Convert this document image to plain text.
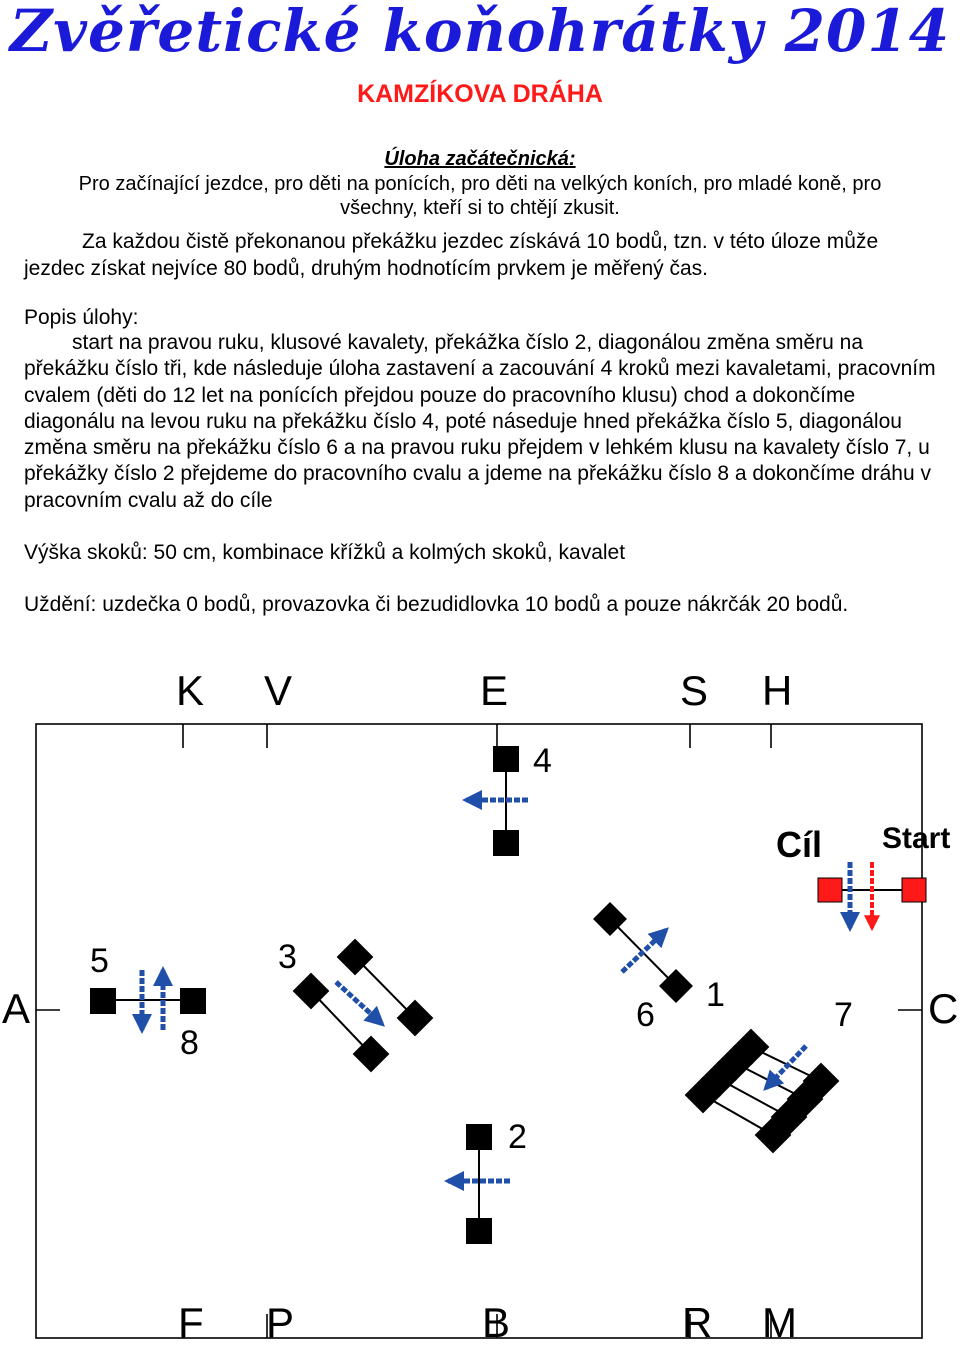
Zvěřetické koňohrátky 2014
KAMZÍKOVA DRÁHA
Úloha začátečnická:
Pro začínající jezdce, pro děti na ponících, pro děti na velkých koních, pro mladé koně, pro všechny, kteří si to chtějí zkusit.
Za každou čistě překonanou překážku jezdec získává 10 bodů, tzn. v této úloze může jezdec získat nejvíce 80 bodů, druhým hodnotícím prvkem je měřený čas.
Popis úlohy:
start na pravou ruku, klusové kavalety, překážka číslo 2, diagonálou změna směru na překážku číslo tři, kde následuje úloha zastavení a zacouvání 4 kroků mezi kavaletami, pracovním cvalem (děti do 12 let na ponících přejdou pouze do pracovního klusu) chod a dokončíme diagonálu na levou ruku na překážku číslo 4, poté náseduje hned překážka číslo 5, diagonálou změna směru na překážku číslo 6 a na pravou ruku přejdem v lehkém klusu na kavalety číslo 7, u překážky číslo 2 přejdeme do pracovního cvalu a jdeme na překážku číslo 8 a dokončíme dráhu v pracovním cvalu až do cíle
Výška skoků: 50 cm, kombinace křížků a kolmých skoků, kavalet
Uždění: uzdečka 0 bodů, provazovka či bezudidlovka 10 bodů a pouze nákrčák 20 bodů.
K V	E	S H
F P	B	R M
A	C
1
2
3
4
5
6	7
8
Cíl Start
